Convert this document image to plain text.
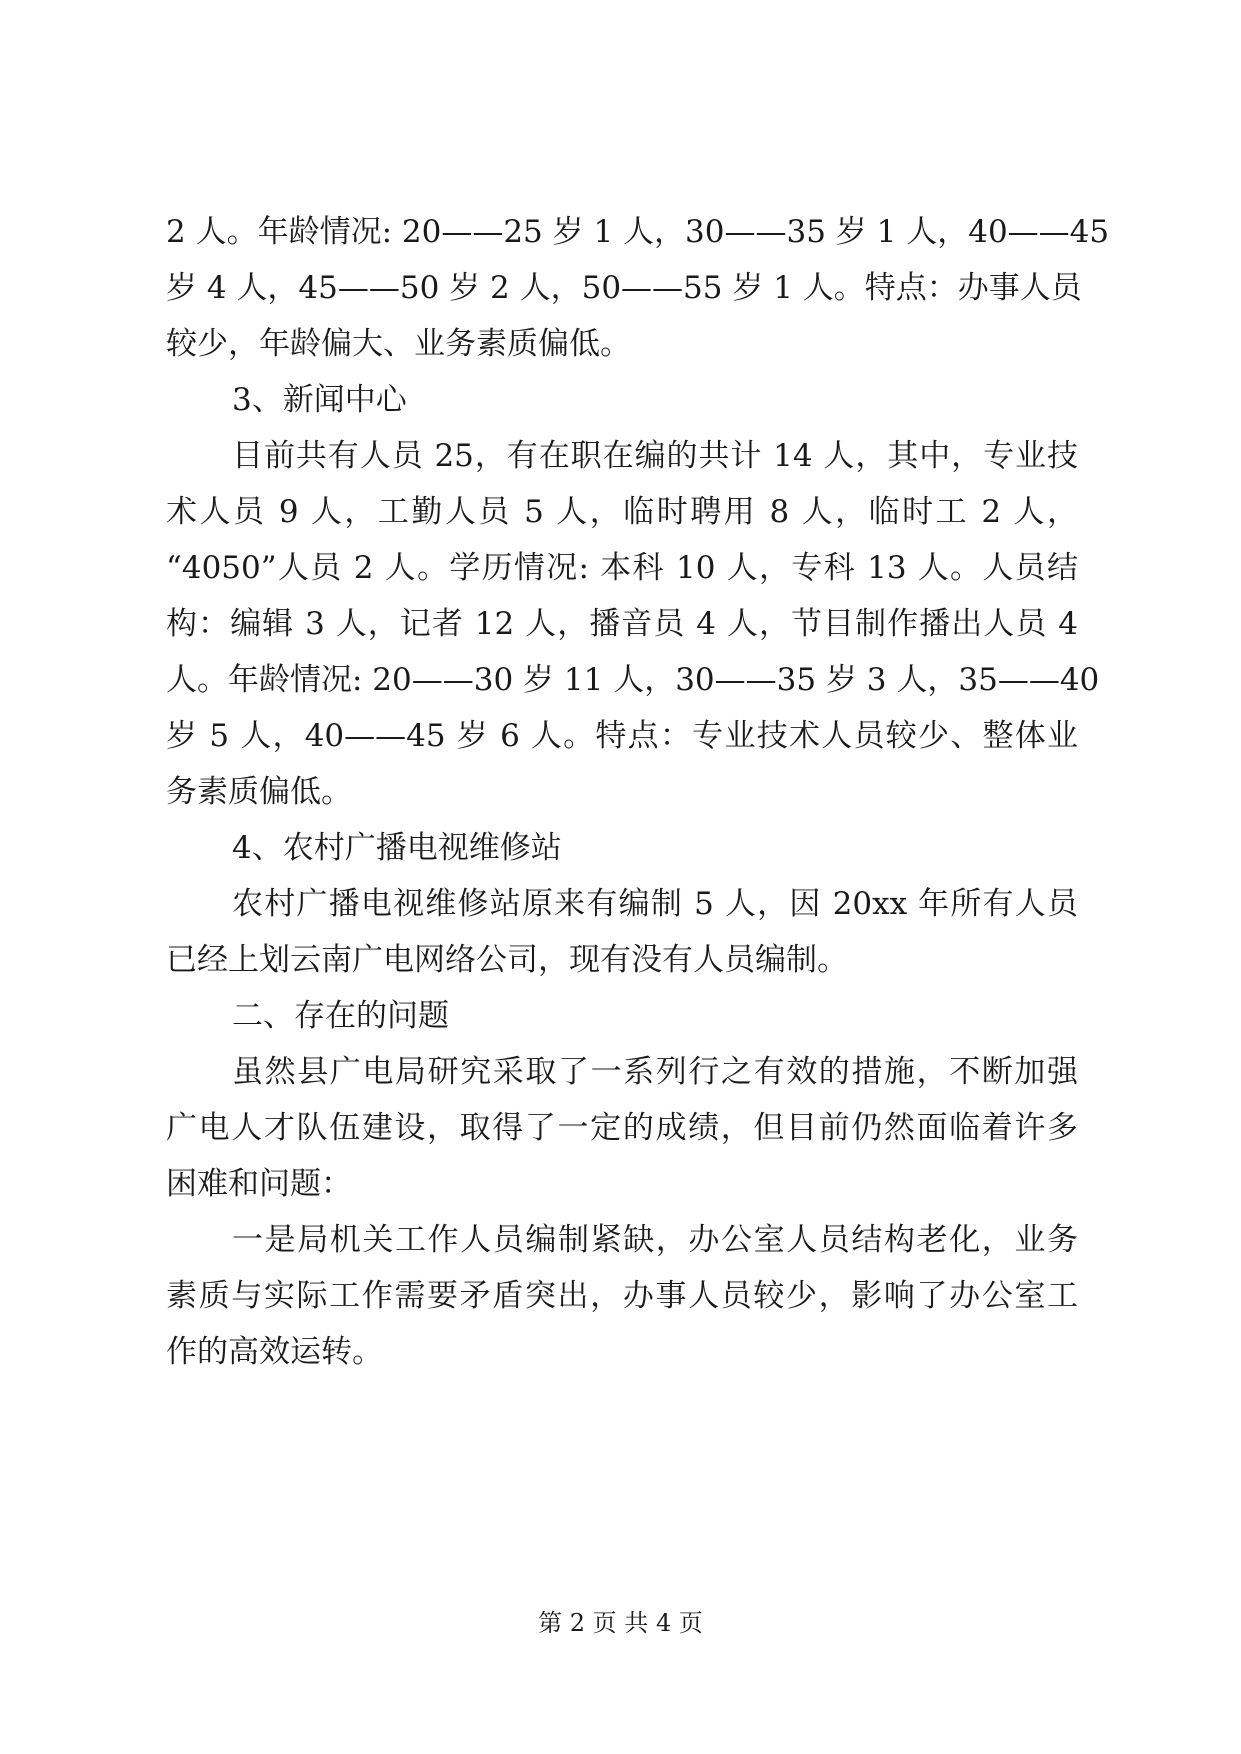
2 人。年龄情况: 20——25 岁 1 人，30——35 岁 1 人，40——45
岁 4 人，45——50 岁 2 人，50——55 岁 1 人。特点：办事人员
较少，年龄偏大、业务素质偏低。
3、新闻中心
目前共有人员 25，有在职在编的共计 14 人，其中，专业技
术人员 9 人，工勤人员 5 人，临时聘用 8 人，临时工 2 人，
“4050”人员 2 人。学历情况: 本科 10 人，专科 13 人。人员结
构：编辑 3 人，记者 12 人，播音员 4 人，节目制作播出人员 4
人。年龄情况: 20——30 岁 11 人，30——35 岁 3 人，35——40
岁 5 人，40——45 岁 6 人。特点：专业技术人员较少、整体业
务素质偏低。
4、农村广播电视维修站
农村广播电视维修站原来有编制 5 人，因 20xx 年所有人员
已经上划云南广电网络公司，现有没有人员编制。
二、存在的问题
虽然县广电局研究采取了一系列行之有效的措施，不断加强
广电人才队伍建设，取得了一定的成绩，但目前仍然面临着许多
困难和问题：
一是局机关工作人员编制紧缺，办公室人员结构老化，业务
素质与实际工作需要矛盾突出，办事人员较少，影响了办公室工
作的高效运转。
第 2 页 共 4 页
